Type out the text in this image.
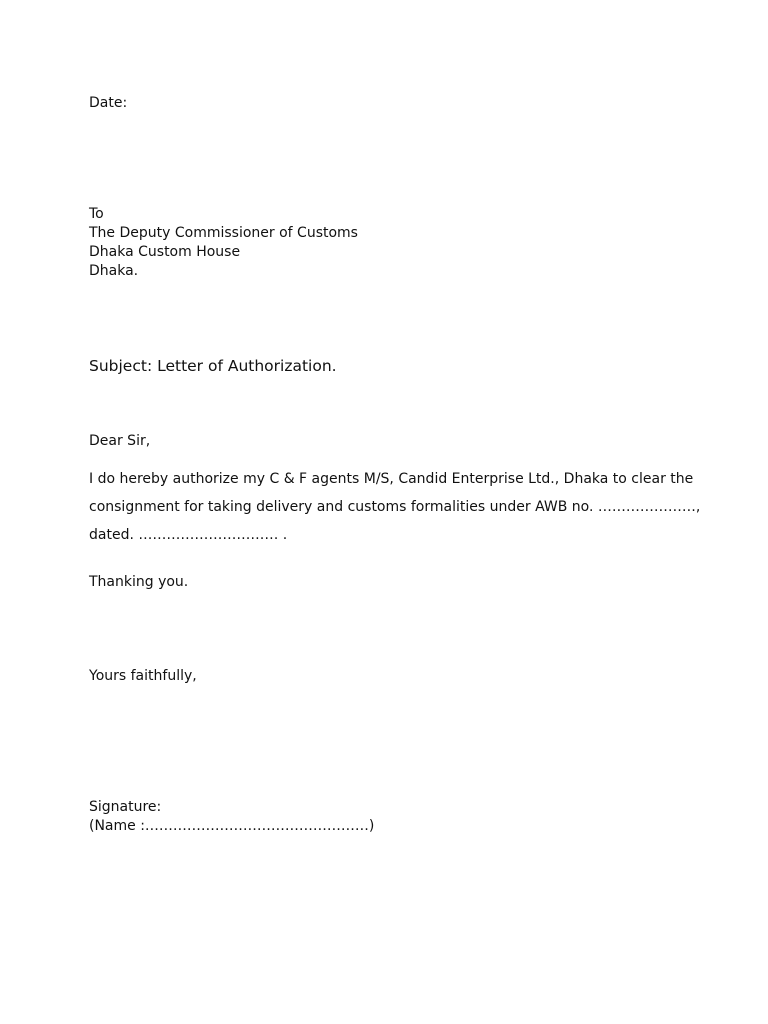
Date:
To
The Deputy Commissioner of Customs
Dhaka Custom House
Dhaka.
Subject: Letter of Authorization.
Dear Sir,
I do hereby authorize my C & F agents M/S, Candid Enterprise Ltd., Dhaka to clear the
consignment for taking delivery and customs formalities under AWB no. …………………,
dated. ………………………… .
Thanking you.
Yours faithfully,
Signature:
(Name :…………………………………………)
